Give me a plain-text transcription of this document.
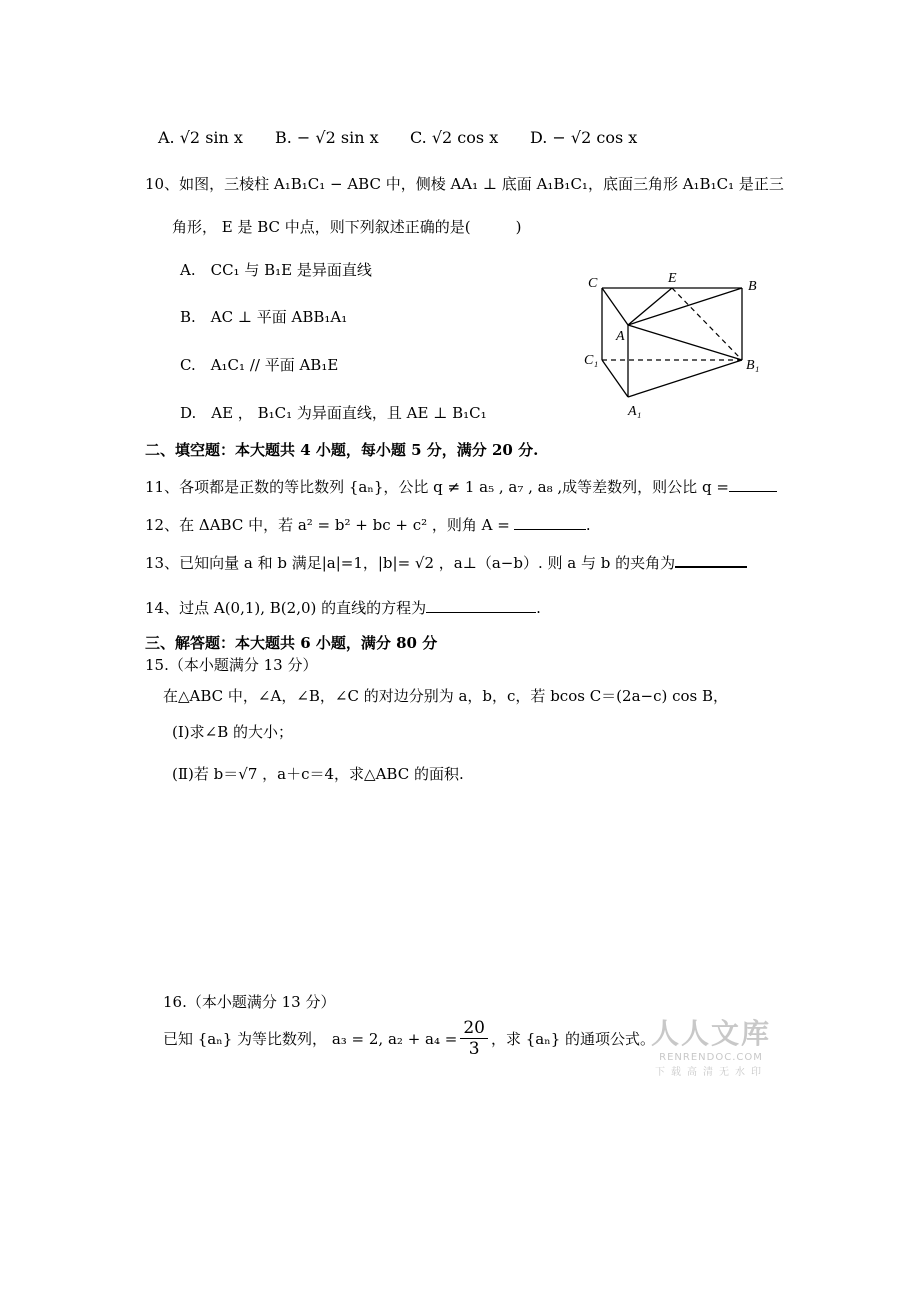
A. √2 sin x B. − √2 sin x C. √2 cos x D. − √2 cos x
10、如图，三棱柱 A₁B₁C₁ − ABC 中，侧棱 AA₁ ⊥ 底面 A₁B₁C₁，底面三角形 A₁B₁C₁ 是正三
角形， E 是 BC 中点，则下列叙述正确的是(　　　)
A.　CC₁ 与 B₁E 是异面直线
B.　AC ⊥ 平面 ABB₁A₁
C.　A₁C₁ // 平面 AB₁E
D.　AE ， B₁C₁ 为异面直线，且 AE ⊥ B₁C₁
C	E
B
A
C₁	B₁
A₁
二、填空题：本大题共 4 小题，每小题 5 分，满分 20 分.
11、各项都是正数的等比数列 {aₙ}，公比 q ≠ 1 a₅ , a₇ , a₈ ,成等差数列，则公比 q =
12、在 ΔABC 中，若 a² = b² + bc + c² ，则角 A =	.
13、已知向量 a 和 b 满足|a|=1，|b|= √2 ，a⊥（a−b）. 则 a 与 b 的夹角为
14、过点 A(0,1), B(2,0) 的直线的方程为	.
三、解答题：本大题共 6 小题，满分 80 分
15.（本小题满分 13 分）
在△ABC 中，∠A，∠B，∠C 的对边分别为 a，b，c，若 bcos C＝(2a−c) cos B，
(Ⅰ)求∠B 的大小；
(Ⅱ)若 b＝√7 ，a＋c＝4，求△ABC 的面积.
16.（本小题满分 13 分）
已知 {aₙ} 为等比数列， a₃ = 2, $a_2 + a_4 = \frac{20}{3}$ ，求 {aₙ} 的通项公式。
人人文库
RENRENDOC.COM
下载高清无水印
